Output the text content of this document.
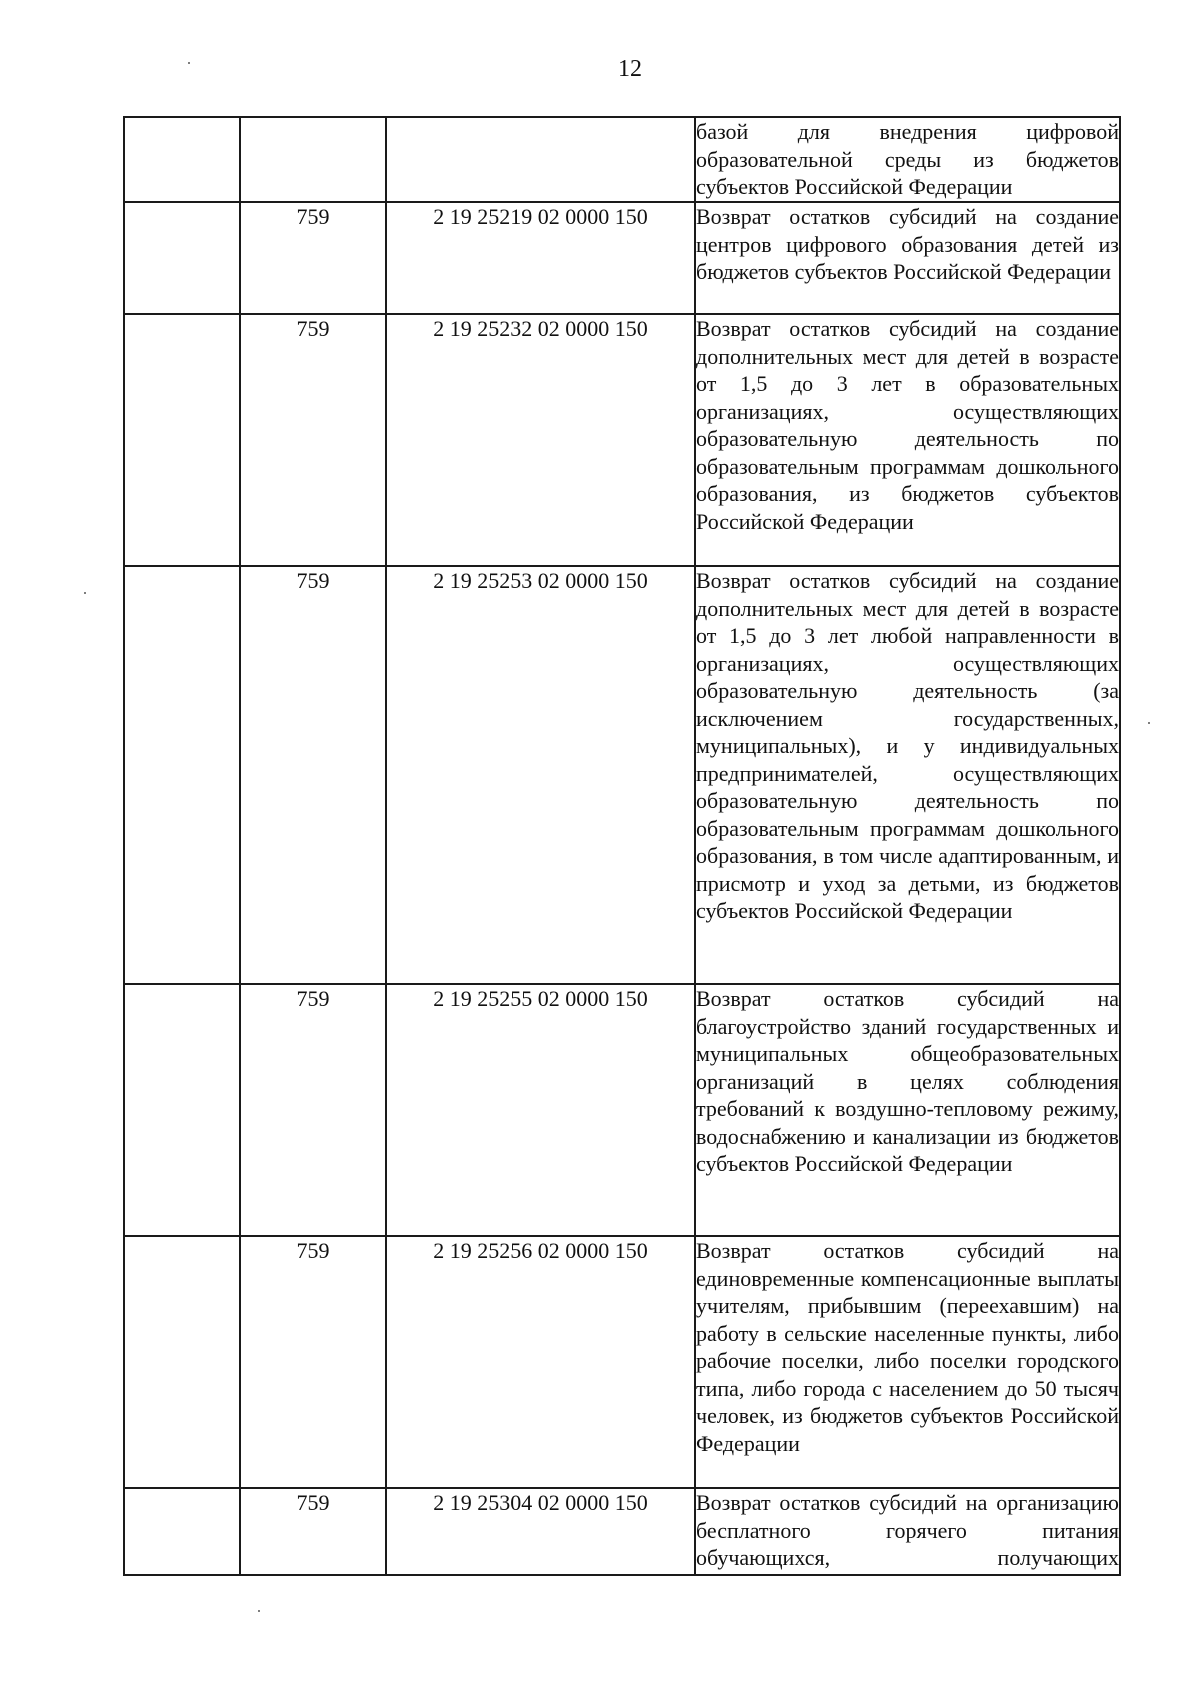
12
			базой для внедрения цифровой образовательной среды из бюджетов субъектов Российской Федерации
	759	2 19 25219 02 0000 150	Возврат остатков субсидий на создание центров цифрового образования детей из бюджетов субъектов Российской Федерации
	759	2 19 25232 02 0000 150	Возврат остатков субсидий на создание дополнительных мест для детей в возрасте от 1,5 до 3 лет в образовательных организациях, осуществляющих образовательную деятельность по образовательным программам дошкольного образования, из бюджетов субъектов Российской Федерации
	759	2 19 25253 02 0000 150	Возврат остатков субсидий на создание дополнительных мест для детей в возрасте от 1,5 до 3 лет любой направленности в организациях, осуществляющих образовательную деятельность (за исключением государственных, муниципальных), и у индивидуальных предпринимателей, осуществляющих образовательную деятельность по образовательным программам дошкольного образования, в том числе адаптированным, и присмотр и уход за детьми, из бюджетов субъектов Российской Федерации
	759	2 19 25255 02 0000 150	Возврат остатков субсидий на благоустройство зданий государственных и муниципальных общеобразовательных организаций в целях соблюдения требований к воздушно-тепловому режиму, водоснабжению и канализации из бюджетов субъектов Российской Федерации
	759	2 19 25256 02 0000 150	Возврат остатков субсидий на единовременные компенсационные выплаты учителям, прибывшим (переехавшим) на работу в сельские населенные пункты, либо рабочие поселки, либо поселки городского типа, либо города с населением до 50 тысяч человек, из бюджетов субъектов Российской Федерации
	759	2 19 25304 02 0000 150	Возврат остатков субсидий на организацию бесплатного горячего питания обучающихся, получающих
